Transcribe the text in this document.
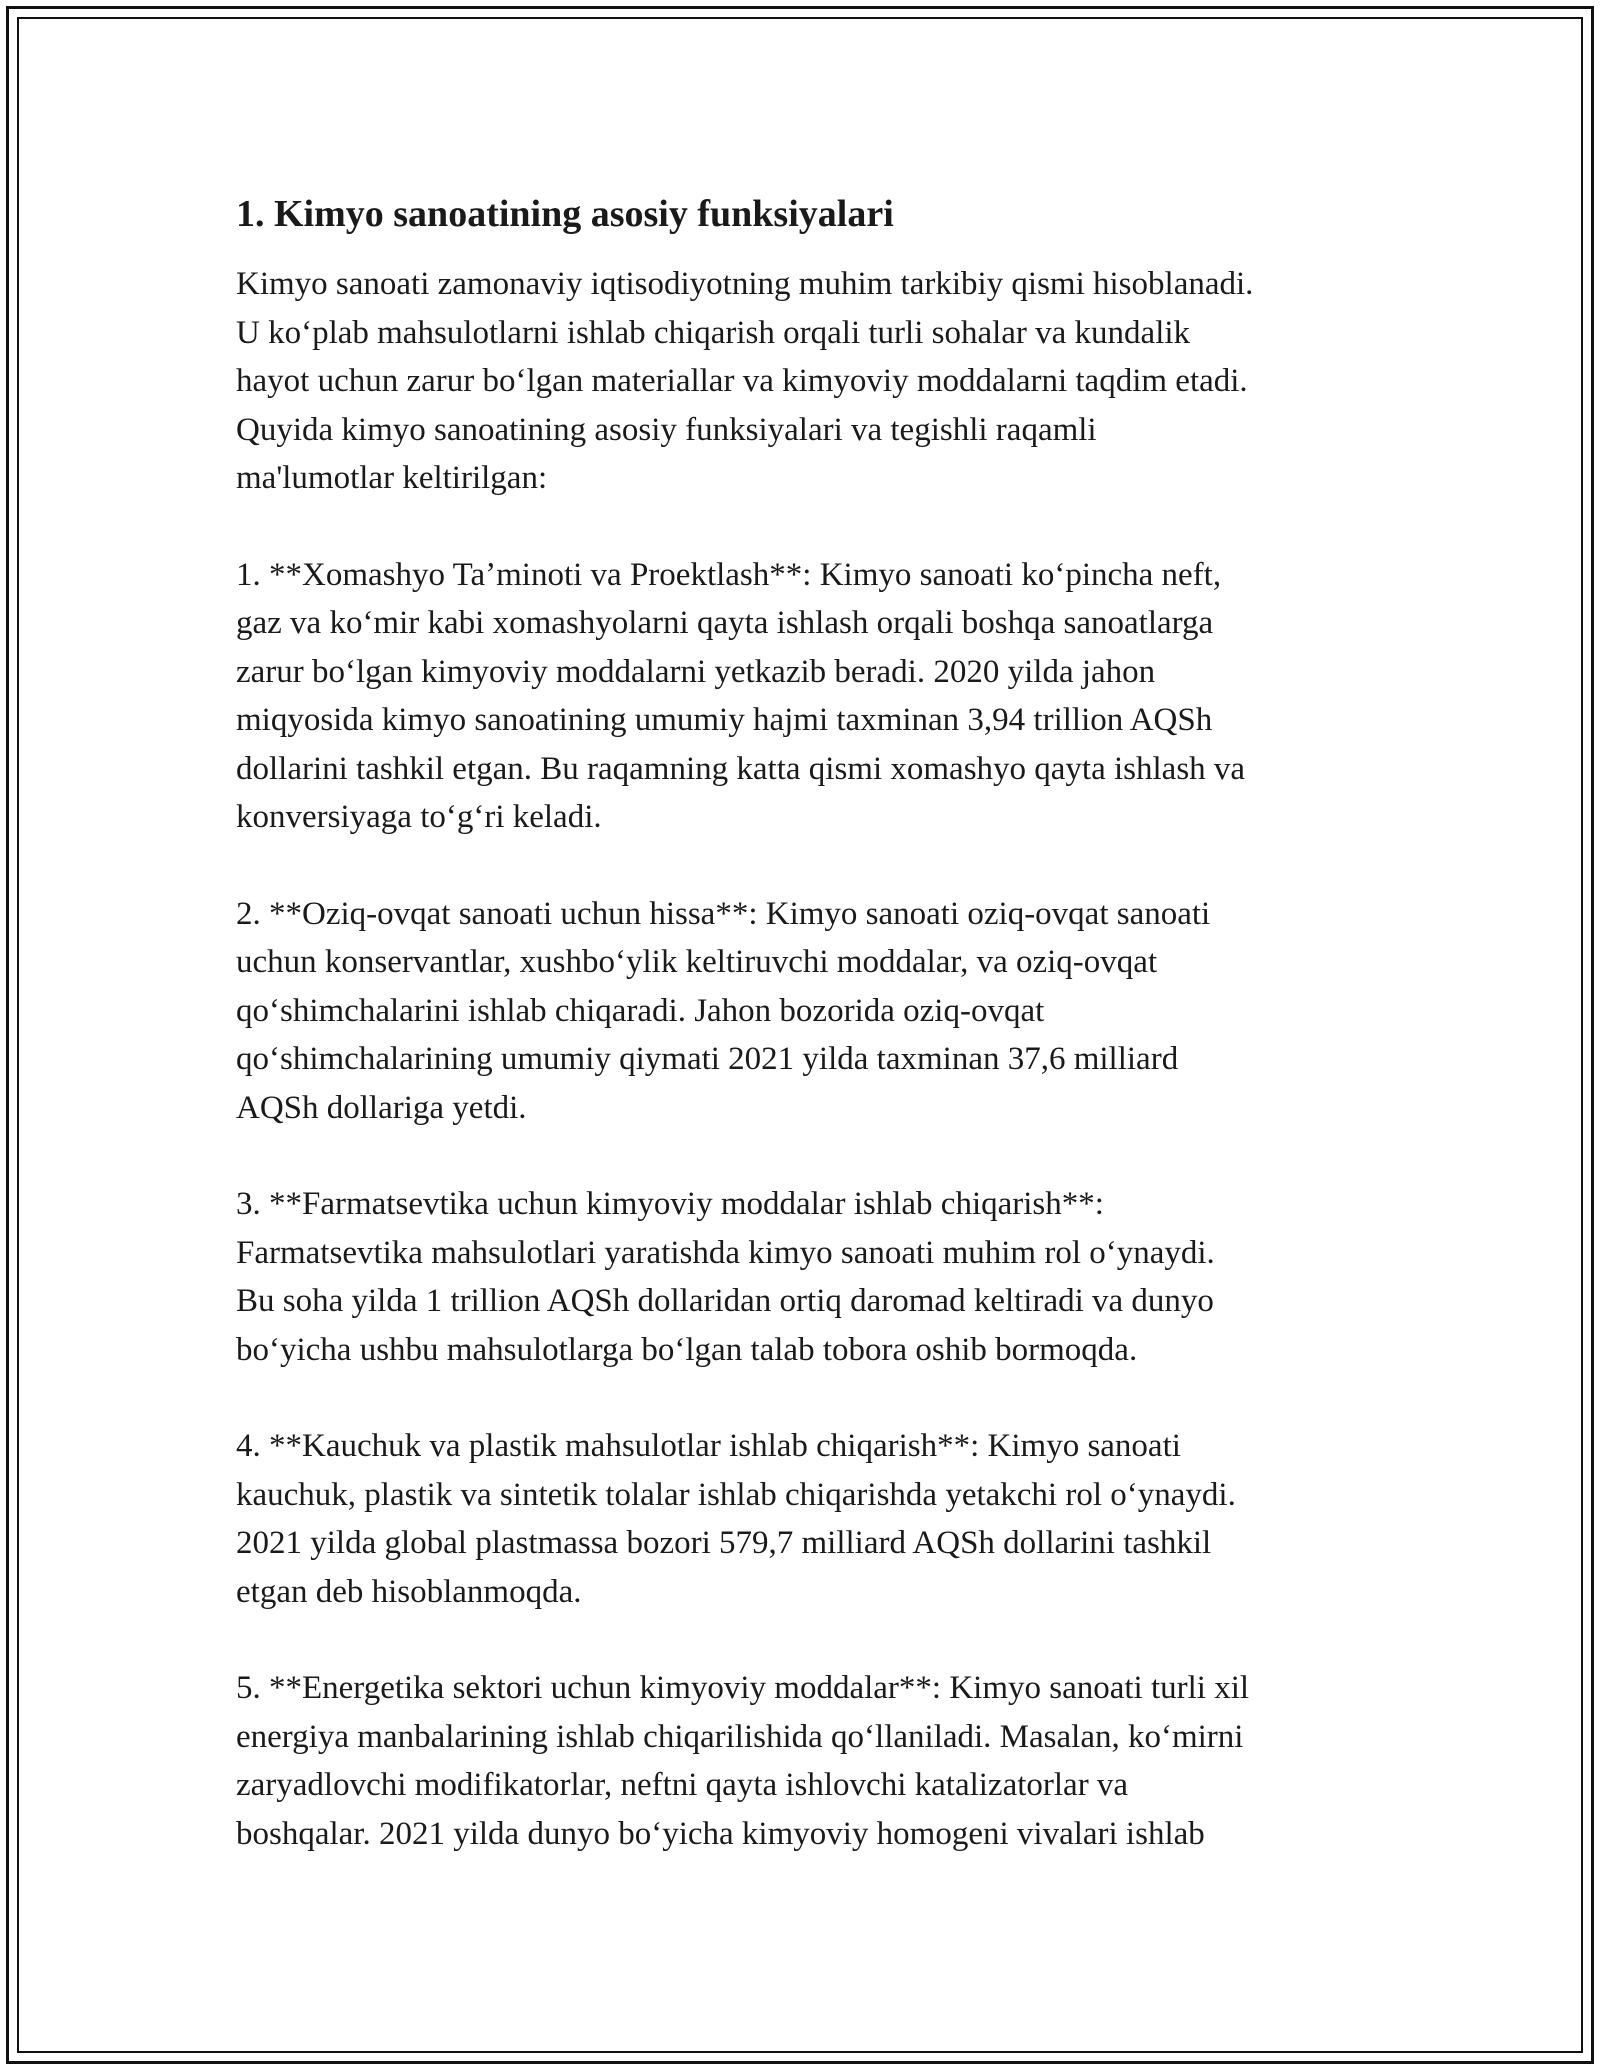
1. Kimyo sanoatining asosiy funksiyalari
Kimyo sanoati zamonaviy iqtisodiyotning muhim tarkibiy qismi hisoblanadi.
U koʻplab mahsulotlarni ishlab chiqarish orqali turli sohalar va kundalik
hayot uchun zarur boʻlgan materiallar va kimyoviy moddalarni taqdim etadi.
Quyida kimyo sanoatining asosiy funksiyalari va tegishli raqamli
ma'lumotlar keltirilgan:
1. **Xomashyo Taʼminoti va Proektlash**: Kimyo sanoati koʻpincha neft,
gaz va koʻmir kabi xomashyolarni qayta ishlash orqali boshqa sanoatlarga
zarur boʻlgan kimyoviy moddalarni yetkazib beradi. 2020 yilda jahon
miqyosida kimyo sanoatining umumiy hajmi taxminan 3,94 trillion AQSh
dollarini tashkil etgan. Bu raqamning katta qismi xomashyo qayta ishlash va
konversiyaga toʻgʻri keladi.
2. **Oziq-ovqat sanoati uchun hissa**: Kimyo sanoati oziq-ovqat sanoati
uchun konservantlar, xushboʻylik keltiruvchi moddalar, va oziq-ovqat
qoʻshimchalarini ishlab chiqaradi. Jahon bozorida oziq-ovqat
qoʻshimchalarining umumiy qiymati 2021 yilda taxminan 37,6 milliard
AQSh dollariga yetdi.
3. **Farmatsevtika uchun kimyoviy moddalar ishlab chiqarish**:
Farmatsevtika mahsulotlari yaratishda kimyo sanoati muhim rol oʻynaydi.
Bu soha yilda 1 trillion AQSh dollaridan ortiq daromad keltiradi va dunyo
boʻyicha ushbu mahsulotlarga boʻlgan talab tobora oshib bormoqda.
4. **Kauchuk va plastik mahsulotlar ishlab chiqarish**: Kimyo sanoati
kauchuk, plastik va sintetik tolalar ishlab chiqarishda yetakchi rol oʻynaydi.
2021 yilda global plastmassa bozori 579,7 milliard AQSh dollarini tashkil
etgan deb hisoblanmoqda.
5. **Energetika sektori uchun kimyoviy moddalar**: Kimyo sanoati turli xil
energiya manbalarining ishlab chiqarilishida qoʻllaniladi. Masalan, koʻmirni
zaryadlovchi modifikatorlar, neftni qayta ishlovchi katalizatorlar va
boshqalar. 2021 yilda dunyo boʻyicha kimyoviy homogeni vivalari ishlab
